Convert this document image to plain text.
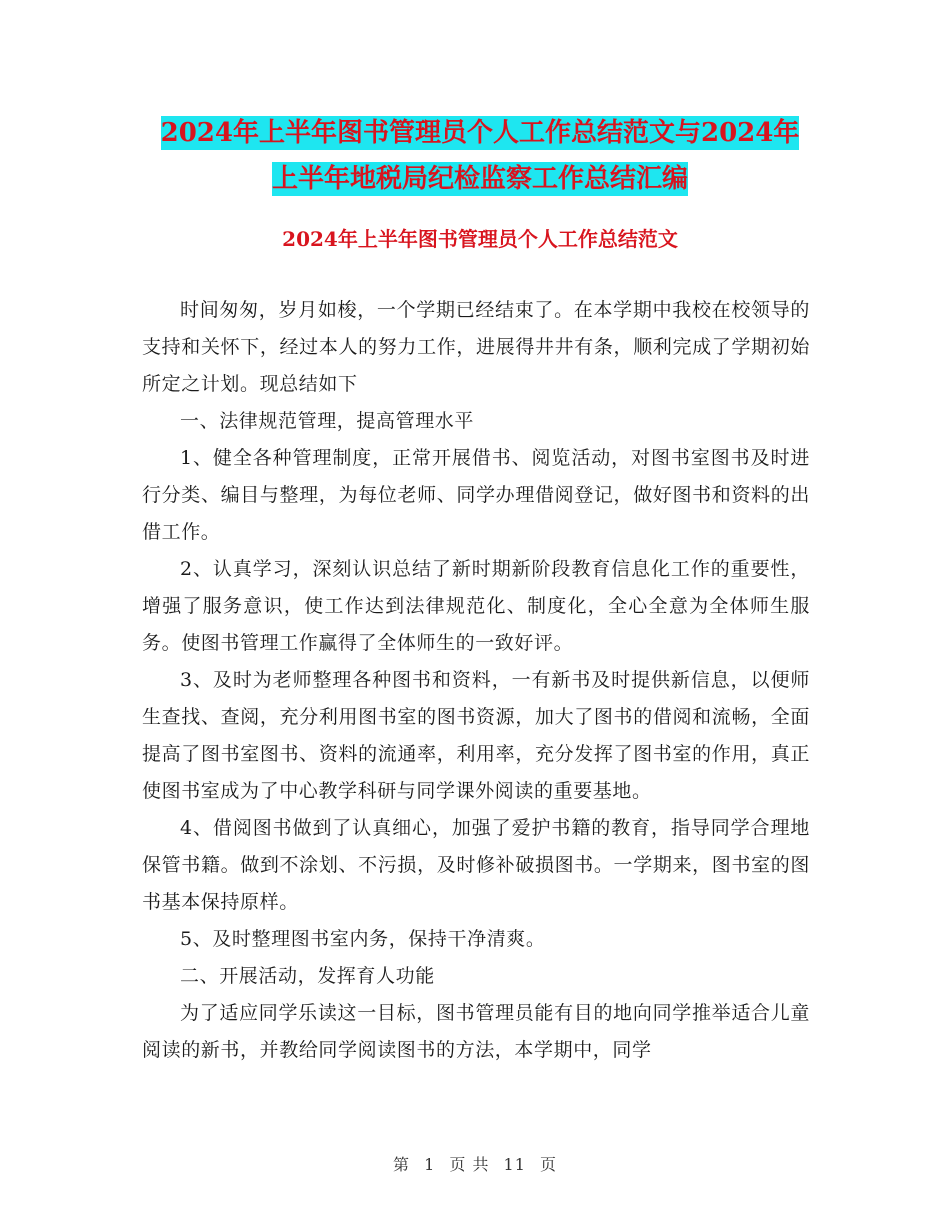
2024年上半年图书管理员个人工作总结范文与2024年
上半年地税局纪检监察工作总结汇编
2024年上半年图书管理员个人工作总结范文

时间匆匆，岁月如梭，一个学期已经结束了。在本学期中我校在校领导的支持和关怀下，经过本人的努力工作，进展得井井有条，顺利完成了学期初始所定之计划。现总结如下

一、法律规范管理，提高管理水平

1、健全各种管理制度，正常开展借书、阅览活动，对图书室图书及时进行分类、编目与整理，为每位老师、同学办理借阅登记，做好图书和资料的出借工作。

2、认真学习，深刻认识总结了新时期新阶段教育信息化工作的重要性，增强了服务意识，使工作达到法律规范化、制度化，全心全意为全体师生服务。使图书管理工作赢得了全体师生的一致好评。

3、及时为老师整理各种图书和资料，一有新书及时提供新信息，以便师生查找、查阅，充分利用图书室的图书资源，加大了图书的借阅和流畅，全面提高了图书室图书、资料的流通率，利用率，充分发挥了图书室的作用，真正使图书室成为了中心教学科研与同学课外阅读的重要基地。

4、借阅图书做到了认真细心，加强了爱护书籍的教育，指导同学合理地保管书籍。做到不涂划、不污损，及时修补破损图书。一学期来，图书室的图书基本保持原样。

5、及时整理图书室内务，保持干净清爽。

二、开展活动，发挥育人功能

为了适应同学乐读这一目标，图书管理员能有目的地向同学推举适合儿童阅读的新书，并教给同学阅读图书的方法，本学期中，同学

第 1 页 共 11 页
